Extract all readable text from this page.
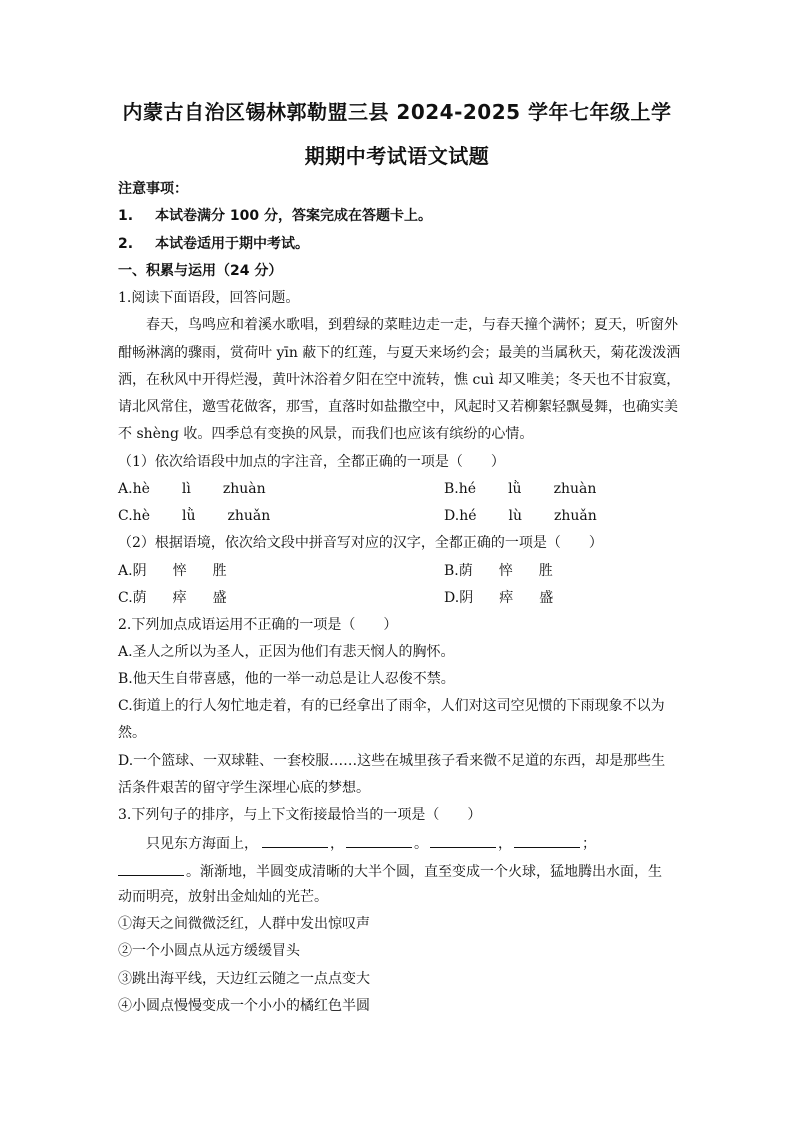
内蒙古自治区锡林郭勒盟三县 2024-2025 学年七年级上学
期期中考试语文试题
注意事项：
1. 本试卷满分 100 分，答案完成在答题卡上。
2. 本试卷适用于期中考试。
一、积累与运用（24 分）
1.阅读下面语段，回答问题。
春天，鸟鸣应和着溪水歌唱，到碧绿的菜畦边走一走，与春天撞个满怀；夏天，听窗外
酣畅淋漓的骤雨，赏荷叶 yīn 蔽下的红莲，与夏天来场约会；最美的当属秋天，菊花泼泼洒
洒，在秋风中开得烂漫，黄叶沐浴着夕阳在空中流转，憔 cuì 却又唯美；冬天也不甘寂寞，
请北风常住，邀雪花做客，那雪，直落时如盐撒空中，风起时又若柳絮轻飘曼舞，也确实美
不 shèng 收。四季总有变换的风景，而我们也应该有缤纷的心情。
（1）依次给语段中加点的字注音，全都正确的一项是（　　）
A.hè lì zhuàn	B.hé lǜ zhuàn
C.hè lǜ zhuǎn	D.hé lù zhuǎn
（2）根据语境，依次给文段中拼音写对应的汉字，全都正确的一项是（　　）
A.阴 悴 胜	B.荫 悴 胜
C.荫 瘁 盛	D.阴 瘁 盛
2.下列加点成语运用不正确的一项是（　　）
A.圣人之所以为圣人，正因为他们有悲天悯人的胸怀。
B.他天生自带喜感，他的一举一动总是让人忍俊不禁。
C.街道上的行人匆忙地走着，有的已经拿出了雨伞，人们对这司空见惯的下雨现象不以为
然。
D.一个篮球、一双球鞋、一套校服……这些在城里孩子看来微不足道的东西，却是那些生
活条件艰苦的留守学生深埋心底的梦想。
3.下列句子的排序，与上下文衔接最恰当的一项是（　　）
只见东方海面上，	，	。	，	；
。渐渐地，半圆变成清晰的大半个圆，直至变成一个火球，猛地腾出水面，生
动而明亮，放射出金灿灿的光芒。
①海天之间微微泛红，人群中发出惊叹声
②一个小圆点从远方缓缓冒头
③跳出海平线，天边红云随之一点点变大
④小圆点慢慢变成一个小小的橘红色半圆
